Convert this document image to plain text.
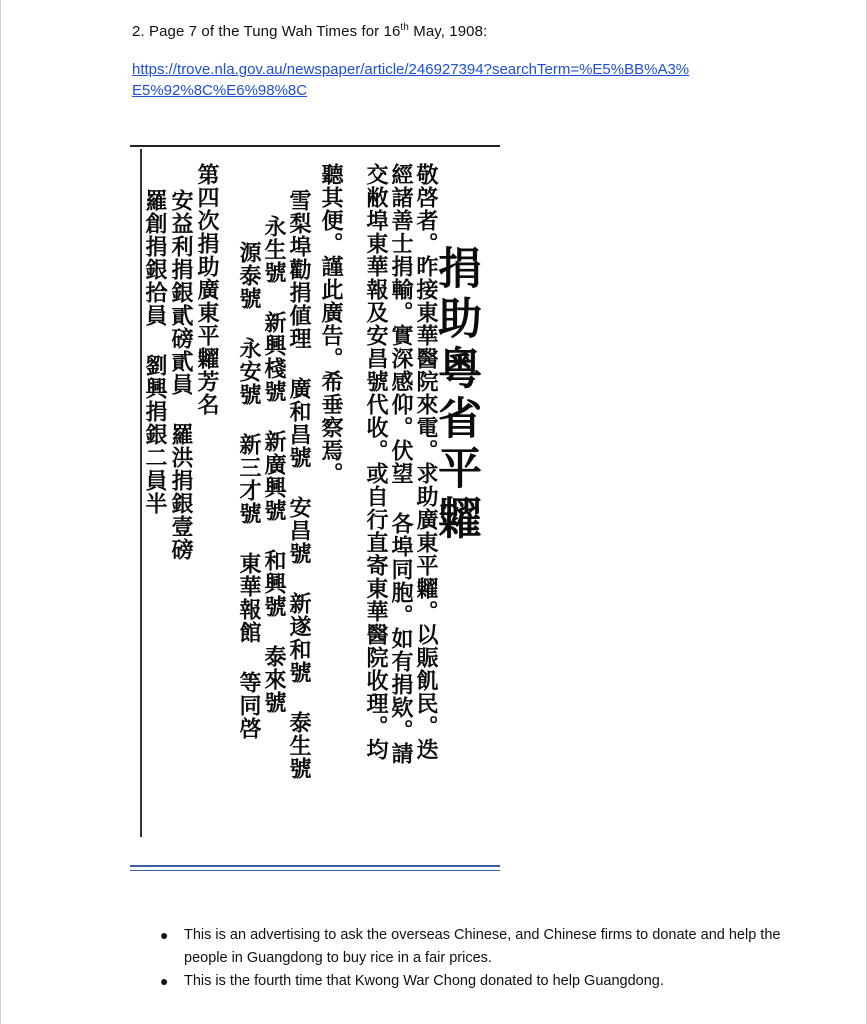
2. Page 7 of the Tung Wah Times for 16th May, 1908:
https://trove.nla.gov.au/newspaper/article/246927394?searchTerm=%E5%BB%A3%
E5%92%8C%E6%98%8C
捐助粵省平糶
敬啓者。昨接東華醫院來電。求助廣東平糶。以賑飢民。迭
經諸善士捐輸。實深感仰。伏望 各埠同胞。如有捐欵。請
交敝埠東華報及安昌號代收。或自行直寄東華醫院收理。均
聽其便。謹此廣告。希垂察焉。
雪梨埠勸捐値理 廣和昌號 安昌號 新遂和號 泰生號
永生號 新興棧號 新廣興號 和興號 泰來號
源泰號 永安號 新三才號 東華報館 等同啓
第四次捐助廣東平糶芳名
安益利捐銀貳磅貳員 羅洪捐銀壹磅
羅創捐銀拾員 劉興捐銀二員半
● This is an advertising to ask the overseas Chinese, and Chinese firms to donate and help the people in Guangdong to buy rice in a fair prices.
● This is the fourth time that Kwong War Chong donated to help Guangdong.
